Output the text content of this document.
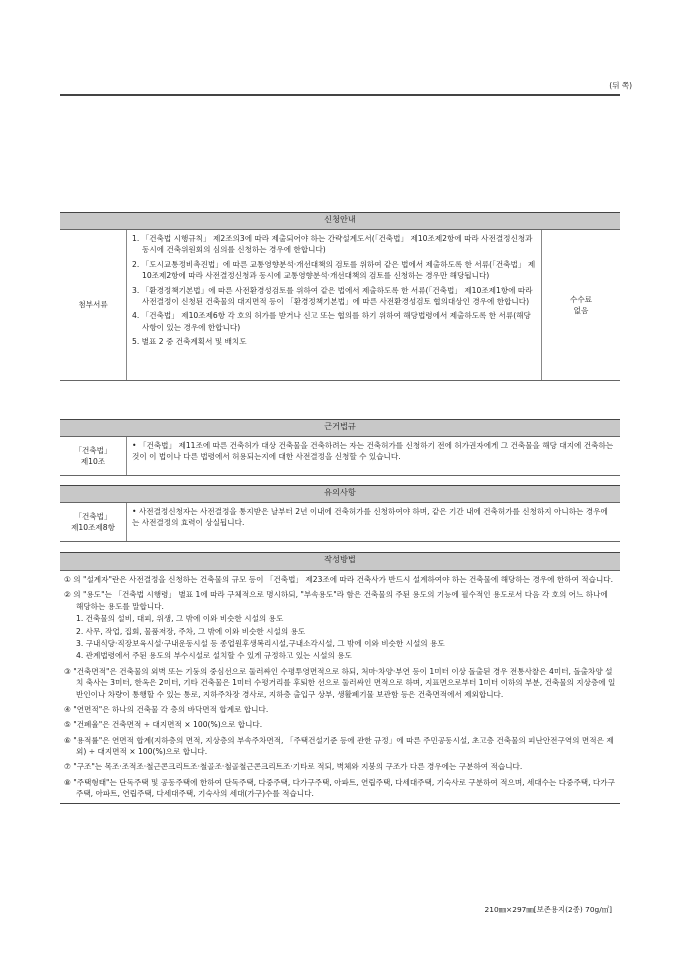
(뒤 쪽)
신청안내
첨부서류
1. 「건축법 시행규칙」 제2조의3에 따라 제출되어야 하는 간략설계도서(「건축법」 제10조제2항에 따라 사전결정신청과 동시에 건축위원회의 심의를 신청하는 경우에 한합니다)
2. 「도시교통정비촉진법」에 따른 교통영향분석·개선대책의 검토를 위하여 같은 법에서 제출하도록 한 서류(「건축법」 제10조제2항에 따라 사전결정신청과 동시에 교통영향분석·개선대책의 검토를 신청하는 경우만 해당됩니다)
3. 「환경정책기본법」에 따른 사전환경성검토를 위하여 같은 법에서 제출하도록 한 서류(「건축법」 제10조제1항에 따라 사전결정이 신청된 건축물의 대지면적 등이 「환경정책기본법」에 따른 사전환경성검토 협의대상인 경우에 한합니다)
4. 「건축법」 제10조제6항 각 호의 허가를 받거나 신고 또는 협의를 하기 위하여 해당법령에서 제출하도록 한 서류(해당사항이 있는 경우에 한합니다)
5. 별표 2 중 건축계획서 및 배치도
수수료
없음
근거법규
「건축법」
제10조
• 「건축법」 제11조에 따른 건축허가 대상 건축물을 건축하려는 자는 건축허가를 신청하기 전에 허가권자에게 그 건축물을 해당 대지에 건축하는 것이 이 법이나 다른 법령에서 허용되는지에 대한 사전결정을 신청할 수 있습니다.
유의사항
「건축법」
제10조제8항
• 사전결정신청자는 사전결정을 통지받은 날부터 2년 이내에 건축허가를 신청하여야 하며, 같은 기간 내에 건축허가를 신청하지 아니하는 경우에는 사전결정의 효력이 상실됩니다.
작성방법
① 의 "설계자"란은 사전결정을 신청하는 건축물의 규모 등이 「건축법」 제23조에 따라 건축사가 반드시 설계하여야 하는 건축물에 해당하는 경우에 한하여 적습니다.
② 의 "용도"는 「건축법 시행령」 별표 1에 따라 구체적으로 명시하되, "부속용도"라 함은 건축물의 주된 용도의 기능에 필수적인 용도로서 다음 각 호의 어느 하나에 해당하는 용도를 말합니다.
1. 건축물의 설비, 대피, 위생, 그 밖에 이와 비슷한 시설의 용도
2. 사무, 작업, 집회, 물품저장, 주차, 그 밖에 이와 비슷한 시설의 용도
3. 구내식당·직장보육시설·구내운동시설 등 종업원후생복리시설,구내소각시설, 그 밖에 이와 비슷한 시설의 용도
4. 관계법령에서 주된 용도의 부수시설로 설치할 수 있게 규정하고 있는 시설의 용도
③ "건축면적"은 건축물의 외벽 또는 기둥의 중심선으로 둘러싸인 수평투영면적으로 하되, 처마·차양·부연 등이 1미터 이상 돌출된 경우 전통사찰은 4미터, 돌출차양 설치 축사는 3미터, 한옥은 2미터, 기타 건축물은 1미터 수평거리를 후퇴한 선으로 둘러싸인 면적으로 하며, 지표면으로부터 1미터 이하의 부분, 건축물의 지상층에 일반인이나 차량이 통행할 수 있는 통로, 지하주차장 경사로, 지하층 출입구 상부, 생활폐기물 보관함 등은 건축면적에서 제외합니다.
④ "연면적"은 하나의 건축물 각 층의 바닥면적 합계로 합니다.
⑤ "건폐율"은 건축면적 ÷ 대지면적 × 100(%)으로 합니다.
⑥ "용적률"은 연면적 합계(지하층의 면적, 지상층의 부속주차면적, 「주택건설기준 등에 관한 규정」에 따른 주민공동시설, 초고층 건축물의 피난안전구역의 면적은 제외) ÷ 대지면적 × 100(%)으로 합니다.
⑦ "구조"는 목조·조적조·철근콘크리트조·철골조·철골철근콘크리트조·기타로 적되, 벽체와 지붕의 구조가 다른 경우에는 구분하여 적습니다.
⑧ "주택형태"는 단독주택 및 공동주택에 한하여 단독주택, 다중주택, 다가구주택, 아파트, 연립주택, 다세대주택, 기숙사로 구분하여 적으며, 세대수는 다중주택, 다가구주택, 아파트, 연립주택, 다세대주택, 기숙사의 세대(가구)수를 적습니다.
210㎜×297㎜[보존용지(2종) 70g/㎡]
